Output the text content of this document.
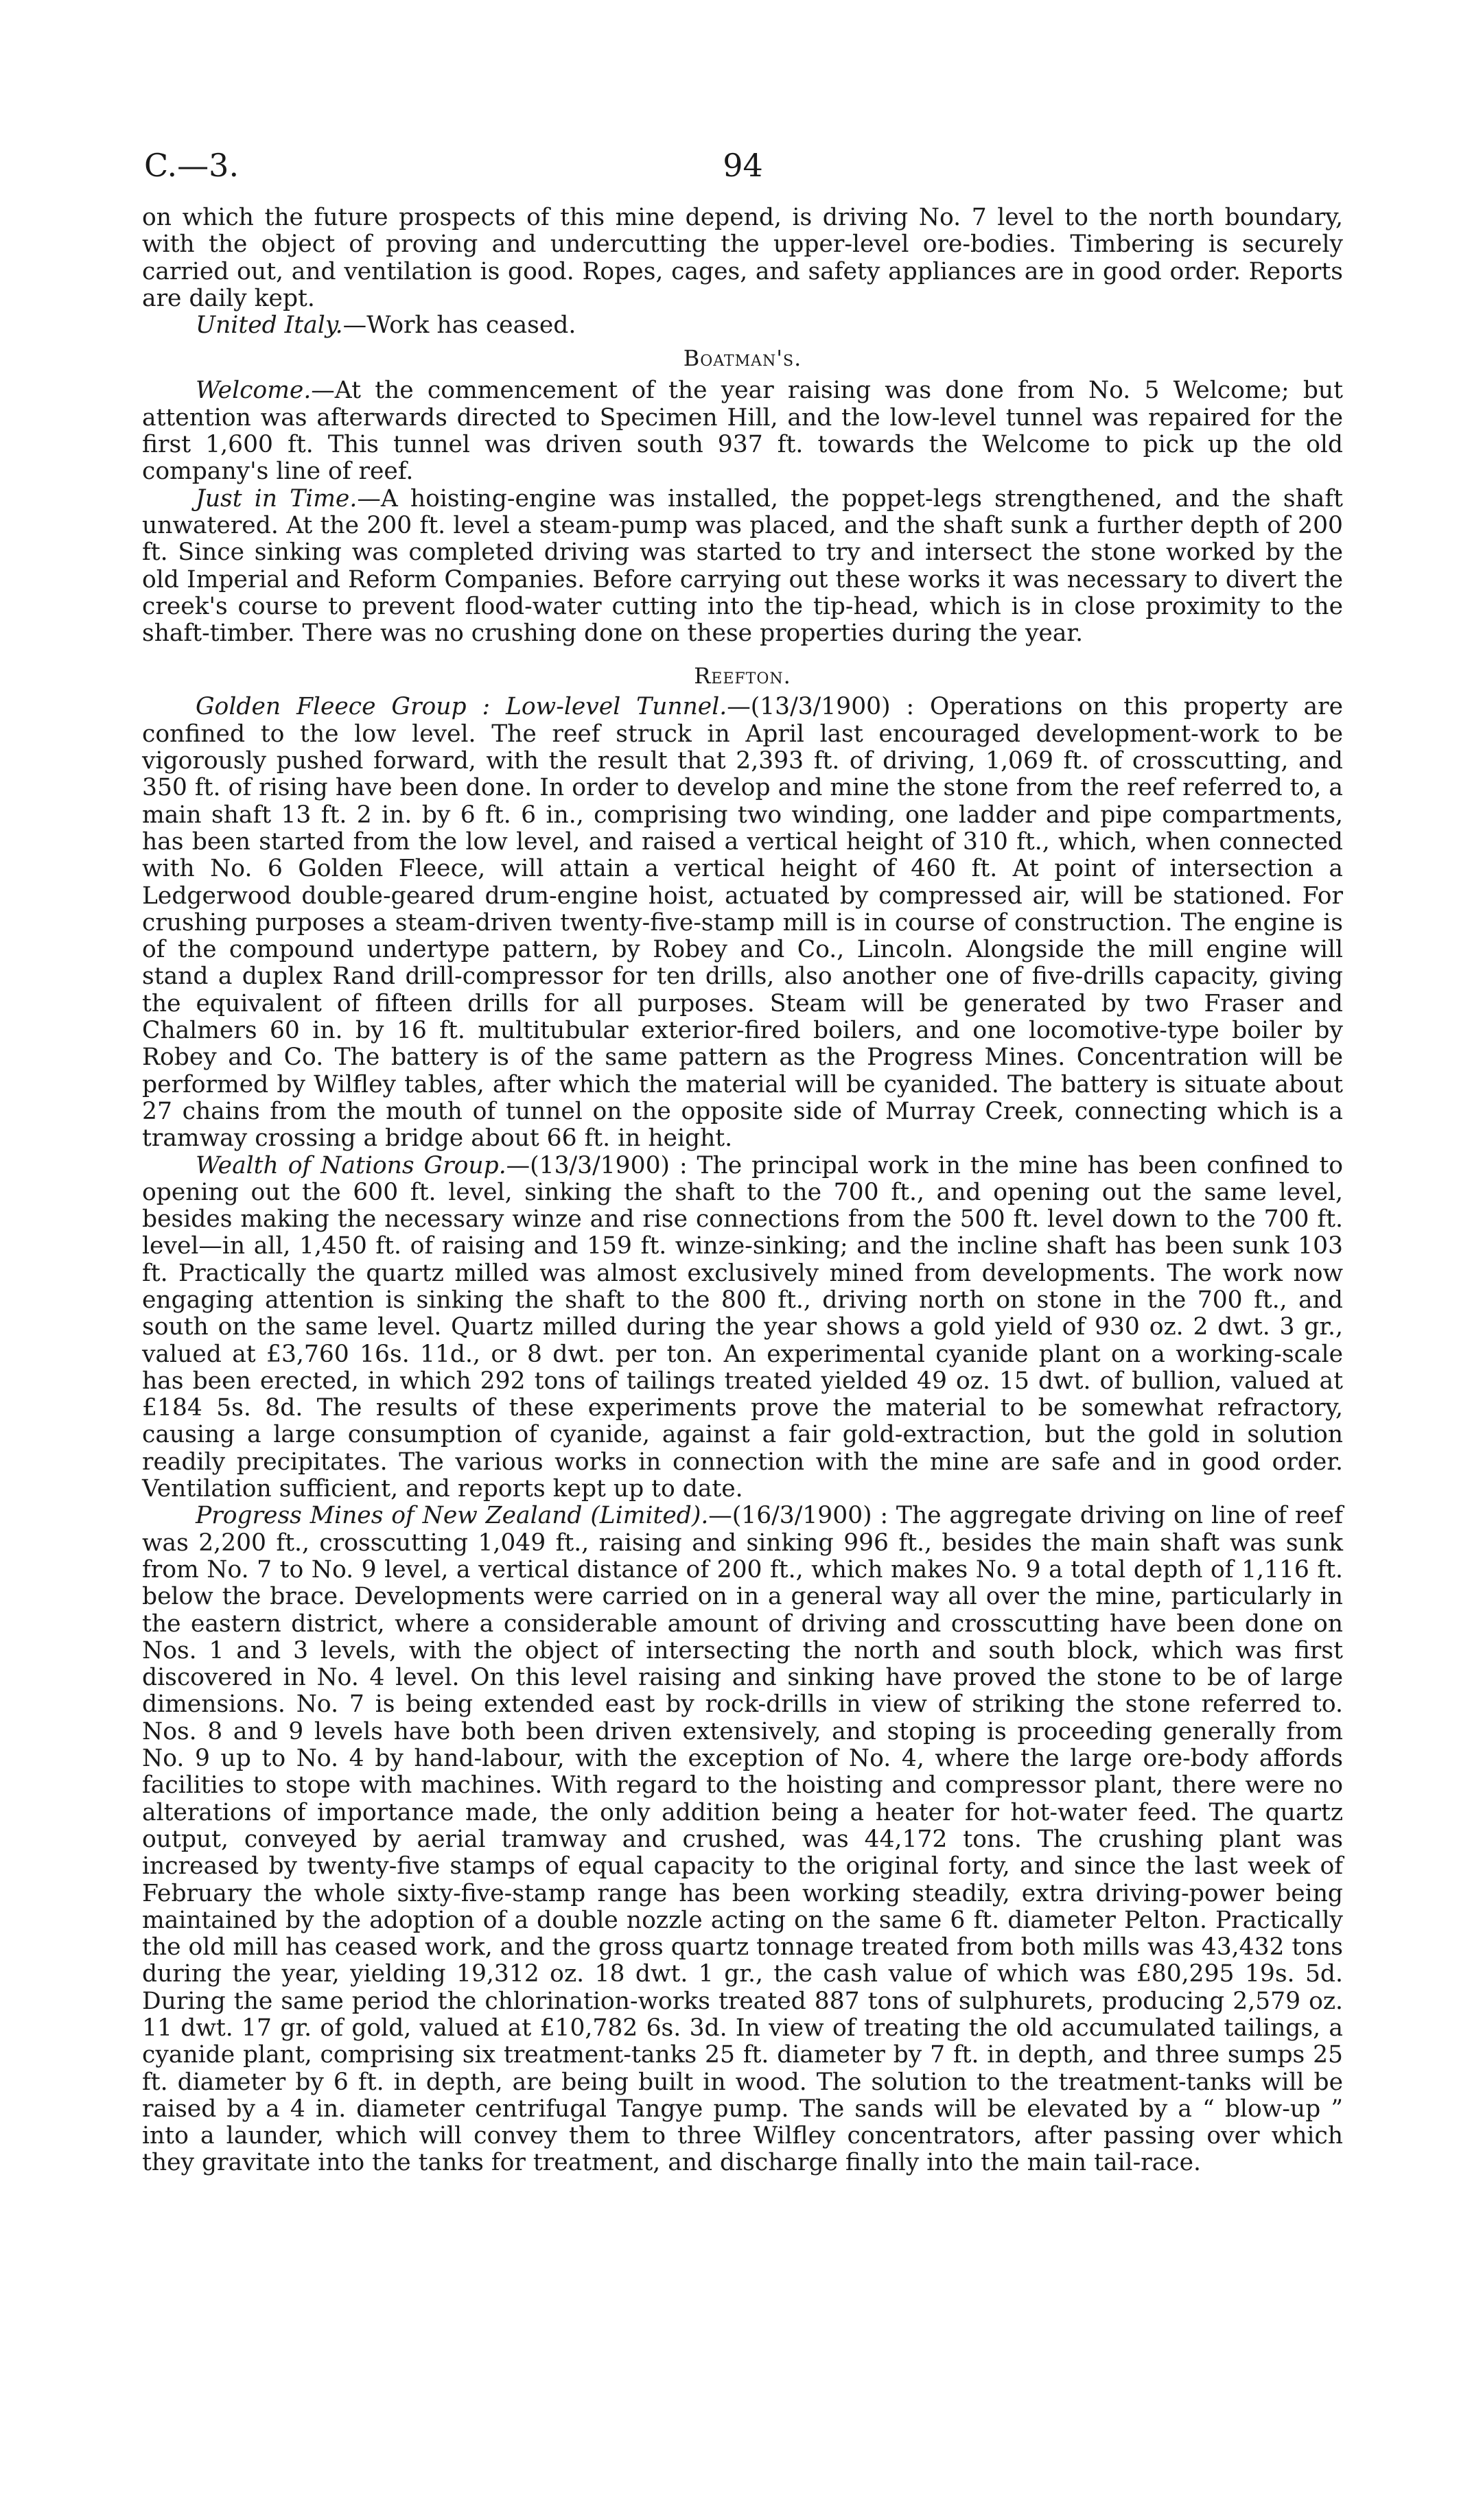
C.—3.	94

on which the future prospects of this mine depend, is driving No. 7 level to the north boundary, with the object of proving and undercutting the upper-level ore-bodies. Timbering is securely carried out, and ventilation is good. Ropes, cages, and safety appliances are in good order. Reports are daily kept.

United Italy.—Work has ceased.

Boatman's.

Welcome.—At the commencement of the year raising was done from No. 5 Welcome; but attention was afterwards directed to Specimen Hill, and the low-level tunnel was repaired for the first 1,600 ft. This tunnel was driven south 937 ft. towards the Welcome to pick up the old company's line of reef.

Just in Time.—A hoisting-engine was installed, the poppet-legs strengthened, and the shaft unwatered. At the 200 ft. level a steam-pump was placed, and the shaft sunk a further depth of 200 ft. Since sinking was completed driving was started to try and intersect the stone worked by the old Imperial and Reform Companies. Before carrying out these works it was necessary to divert the creek's course to prevent flood-water cutting into the tip-head, which is in close proximity to the shaft-timber. There was no crushing done on these properties during the year.

Reefton.

Golden Fleece Group : Low-level Tunnel.—(13/3/1900) : Operations on this property are confined to the low level. The reef struck in April last encouraged development-work to be vigorously pushed forward, with the result that 2,393 ft. of driving, 1,069 ft. of crosscutting, and 350 ft. of rising have been done. In order to develop and mine the stone from the reef referred to, a main shaft 13 ft. 2 in. by 6 ft. 6 in., comprising two winding, one ladder and pipe compartments, has been started from the low level, and raised a vertical height of 310 ft., which, when connected with No. 6 Golden Fleece, will attain a vertical height of 460 ft. At point of intersection a Ledgerwood double-geared drum-engine hoist, actuated by compressed air, will be stationed. For crushing purposes a steam-driven twenty-five-stamp mill is in course of construction. The engine is of the compound undertype pattern, by Robey and Co., Lincoln. Alongside the mill engine will stand a duplex Rand drill-compressor for ten drills, also another one of five-drills capacity, giving the equivalent of fifteen drills for all purposes. Steam will be generated by two Fraser and Chalmers 60 in. by 16 ft. multitubular exterior-fired boilers, and one locomotive-type boiler by Robey and Co. The battery is of the same pattern as the Progress Mines. Concentration will be performed by Wilfley tables, after which the material will be cyanided. The battery is situate about 27 chains from the mouth of tunnel on the opposite side of Murray Creek, connecting which is a tramway crossing a bridge about 66 ft. in height.

Wealth of Nations Group.—(13/3/1900) : The principal work in the mine has been confined to opening out the 600 ft. level, sinking the shaft to the 700 ft., and opening out the same level, besides making the necessary winze and rise connections from the 500 ft. level down to the 700 ft. level—in all, 1,450 ft. of raising and 159 ft. winze-sinking; and the incline shaft has been sunk 103 ft. Practically the quartz milled was almost exclusively mined from developments. The work now engaging attention is sinking the shaft to the 800 ft., driving north on stone in the 700 ft., and south on the same level. Quartz milled during the year shows a gold yield of 930 oz. 2 dwt. 3 gr., valued at £3,760 16s. 11d., or 8 dwt. per ton. An experimental cyanide plant on a working-scale has been erected, in which 292 tons of tailings treated yielded 49 oz. 15 dwt. of bullion, valued at £184 5s. 8d. The results of these experiments prove the material to be somewhat refractory, causing a large consumption of cyanide, against a fair gold-extraction, but the gold in solution readily precipitates. The various works in connection with the mine are safe and in good order. Ventilation sufficient, and reports kept up to date.

Progress Mines of New Zealand (Limited).—(16/3/1900) : The aggregate driving on line of reef was 2,200 ft., crosscutting 1,049 ft., raising and sinking 996 ft., besides the main shaft was sunk from No. 7 to No. 9 level, a vertical distance of 200 ft., which makes No. 9 a total depth of 1,116 ft. below the brace. Developments were carried on in a general way all over the mine, particularly in the eastern district, where a considerable amount of driving and crosscutting have been done on Nos. 1 and 3 levels, with the object of intersecting the north and south block, which was first discovered in No. 4 level. On this level raising and sinking have proved the stone to be of large dimensions. No. 7 is being extended east by rock-drills in view of striking the stone referred to. Nos. 8 and 9 levels have both been driven extensively, and stoping is proceeding generally from No. 9 up to No. 4 by hand-labour, with the exception of No. 4, where the large ore-body affords facilities to stope with machines. With regard to the hoisting and compressor plant, there were no alterations of importance made, the only addition being a heater for hot-water feed. The quartz output, conveyed by aerial tramway and crushed, was 44,172 tons. The crushing plant was increased by twenty-five stamps of equal capacity to the original forty, and since the last week of February the whole sixty-five-stamp range has been working steadily, extra driving-power being maintained by the adoption of a double nozzle acting on the same 6 ft. diameter Pelton. Practically the old mill has ceased work, and the gross quartz tonnage treated from both mills was 43,432 tons during the year, yielding 19,312 oz. 18 dwt. 1 gr., the cash value of which was £80,295 19s. 5d. During the same period the chlorination-works treated 887 tons of sulphurets, producing 2,579 oz. 11 dwt. 17 gr. of gold, valued at £10,782 6s. 3d. In view of treating the old accumulated tailings, a cyanide plant, comprising six treatment-tanks 25 ft. diameter by 7 ft. in depth, and three sumps 25 ft. diameter by 6 ft. in depth, are being built in wood. The solution to the treatment-tanks will be raised by a 4 in. diameter centrifugal Tangye pump. The sands will be elevated by a “ blow-up ” into a launder, which will convey them to three Wilfley concentrators, after passing over which they gravitate into the tanks for treatment, and discharge finally into the main tail-race.
